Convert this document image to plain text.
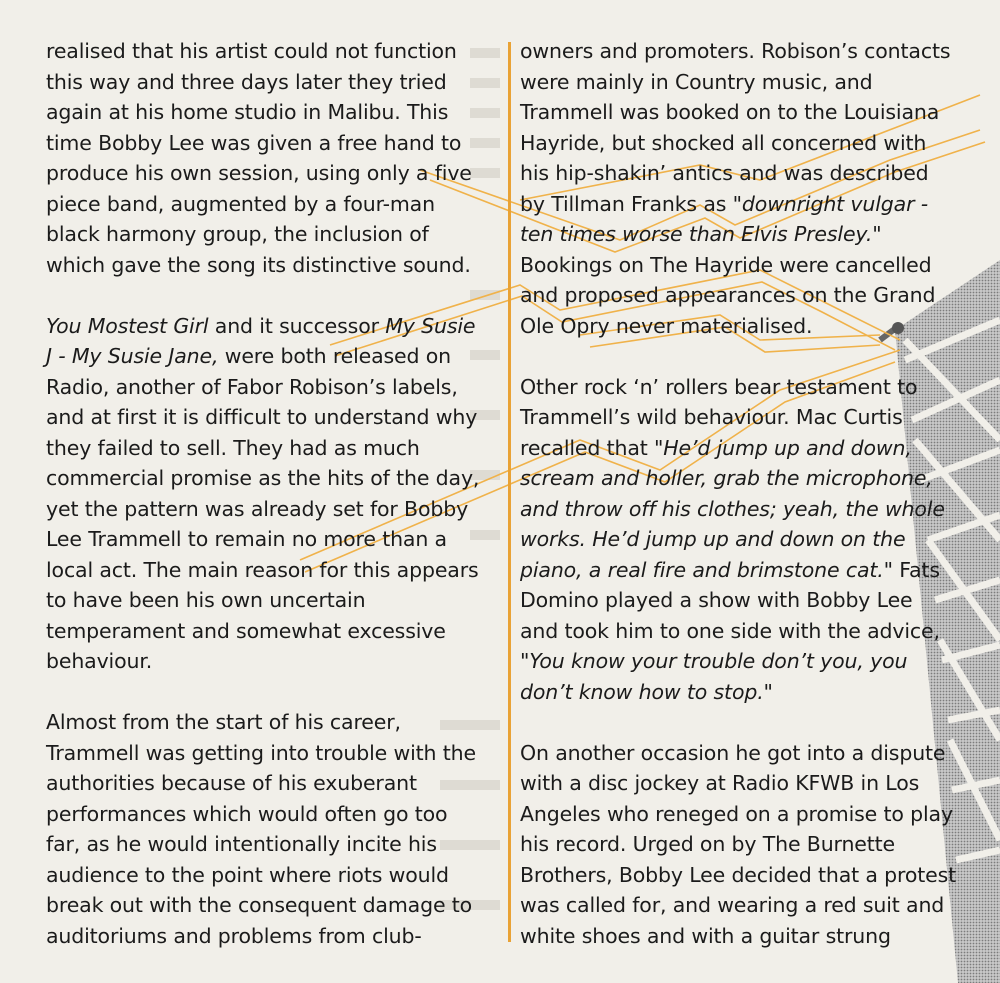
realised that his artist could not function
this way and three days later they tried
again at his home studio in Malibu. This
time Bobby Lee was given a free hand to
produce his own session, using only a five
piece band, augmented by a four-man
black harmony group, the inclusion of
which gave the song its distinctive sound.
You Mostest Girl and it successor My Susie
J - My Susie Jane, were both released on
Radio, another of Fabor Robison’s labels,
and at first it is difficult to understand why
they failed to sell. They had as much
commercial promise as the hits of the day,
yet the pattern was already set for Bobby
Lee Trammell to remain no more than a
local act. The main reason for this appears
to have been his own uncertain
temperament and somewhat excessive
behaviour.
Almost from the start of his career,
Trammell was getting into trouble with the
authorities because of his exuberant
performances which would often go too
far, as he would intentionally incite his
audience to the point where riots would
break out with the consequent damage to
auditoriums and problems from club-
owners and promoters. Robison’s contacts
were mainly in Country music, and
Trammell was booked on to the Louisiana
Hayride, but shocked all concerned with
his hip-shakin’ antics and was described
by Tillman Franks as "downright vulgar -
ten times worse than Elvis Presley."
Bookings on The Hayride were cancelled
and proposed appearances on the Grand
Ole Opry never materialised.
Other rock ‘n’ rollers bear testament to
Trammell’s wild behaviour. Mac Curtis
recalled that "He’d jump up and down,
scream and holler, grab the microphone,
and throw off his clothes; yeah, the whole
works. He’d jump up and down on the
piano, a real fire and brimstone cat." Fats
Domino played a show with Bobby Lee
and took him to one side with the advice,
"You know your trouble don’t you, you
don’t know how to stop."
On another occasion he got into a dispute
with a disc jockey at Radio KFWB in Los
Angeles who reneged on a promise to play
his record. Urged on by The Burnette
Brothers, Bobby Lee decided that a protest
was called for, and wearing a red suit and
white shoes and with a guitar strung
